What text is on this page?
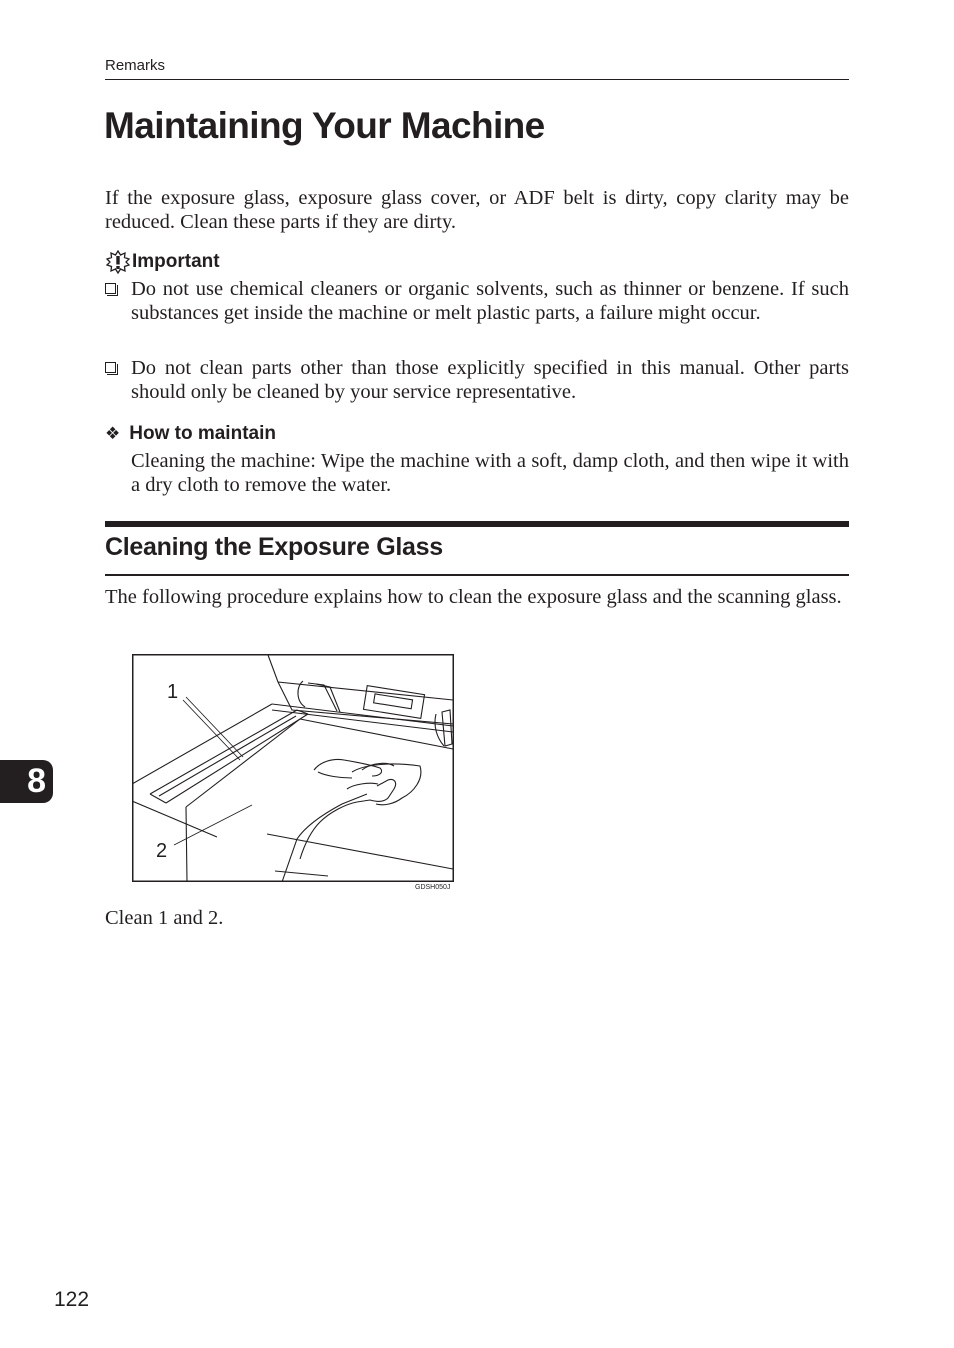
Remarks
Maintaining Your Machine

If the exposure glass, exposure glass cover, or ADF belt is dirty, copy clarity may be reduced. Clean these parts if they are dirty.

Important
Do not use chemical cleaners or organic solvents, such as thinner or benzene. If such substances get inside the machine or melt plastic parts, a failure might occur.
Do not clean parts other than those explicitly specified in this manual. Other parts should only be cleaned by your service representative.
❖ How to maintain
Cleaning the machine: Wipe the machine with a soft, damp cloth, and then wipe it with a dry cloth to remove the water.
Cleaning the Exposure Glass
The following procedure explains how to clean the exposure glass and the scanning glass.
1
2
GDSH050J
Clean 1 and 2.
8
122
